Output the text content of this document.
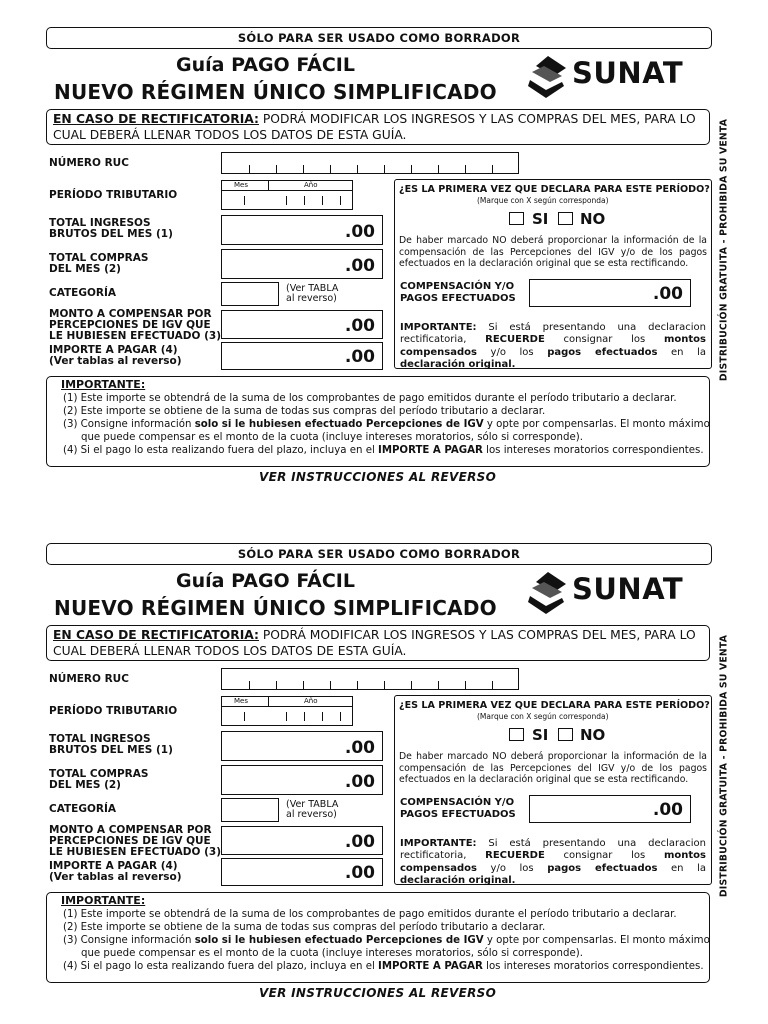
SÓLO PARA SER USADO COMO BORRADOR
Guía PAGO FÁCIL
NUEVO RÉGIMEN ÚNICO SIMPLIFICADO
SUNAT
EN CASO DE RECTIFICATORIA: PODRÁ MODIFICAR LOS INGRESOS Y LAS COMPRAS DEL MES, PARA LO CUAL DEBERÁ LLENAR TODOS LOS DATOS DE ESTA GUÍA.
NÚMERO RUC
PERÍODO TRIBUTARIO
Mes	Año
TOTAL INGRESOS
BRUTOS DEL MES (1)	.00
TOTAL COMPRAS
DEL MES (2)	.00
CATEGORÍA	(Ver TABLA
al reverso)
MONTO A COMPENSAR POR
PERCEPCIONES DE IGV QUE
LE HUBIESEN EFECTUADO (3)	.00
IMPORTE A PAGAR (4)
(Ver tablas al reverso)	.00
¿ES LA PRIMERA VEZ QUE DECLARA PARA ESTE PERÍODO?
(Marque con X según corresponda)
SI NO
De haber marcado NO deberá proporcionar la información de la compensación de las Percepciones del IGV y/o de los pagos efectuados en la declaración original que se esta rectificando.
COMPENSACIÓN Y/O
PAGOS EFECTUADOS	.00
IMPORTANTE: Si está presentando una declaracion rectificatoria, RECUERDE consignar los montos compensados y/o los pagos efectuados en la declaración original.
IMPORTANTE:
(1) Este importe se obtendrá de la suma de los comprobantes de pago emitidos durante el período tributario a declarar.
(2) Este importe se obtiene de la suma de todas sus compras del período tributario a declarar.
(3) Consigne información solo si le hubiesen efectuado Percepciones de IGV y opte por compensarlas. El monto máximo
que puede compensar es el monto de la cuota (incluye intereses moratorios, sólo si corresponde).
(4) Si el pago lo esta realizando fuera del plazo, incluya en el IMPORTE A PAGAR los intereses moratorios correspondientes.
VER INSTRUCCIONES AL REVERSO
DISTRIBUCIÓN GRATUITA - PROHIBIDA SU VENTA
SÓLO PARA SER USADO COMO BORRADOR
Guía PAGO FÁCIL
NUEVO RÉGIMEN ÚNICO SIMPLIFICADO
SUNAT
EN CASO DE RECTIFICATORIA: PODRÁ MODIFICAR LOS INGRESOS Y LAS COMPRAS DEL MES, PARA LO CUAL DEBERÁ LLENAR TODOS LOS DATOS DE ESTA GUÍA.
NÚMERO RUC
PERÍODO TRIBUTARIO
Mes	Año
TOTAL INGRESOS
BRUTOS DEL MES (1)	.00
TOTAL COMPRAS
DEL MES (2)	.00
CATEGORÍA	(Ver TABLA
al reverso)
MONTO A COMPENSAR POR
PERCEPCIONES DE IGV QUE
LE HUBIESEN EFECTUADO (3)	.00
IMPORTE A PAGAR (4)
(Ver tablas al reverso)	.00
¿ES LA PRIMERA VEZ QUE DECLARA PARA ESTE PERÍODO?
(Marque con X según corresponda)
SI NO
De haber marcado NO deberá proporcionar la información de la compensación de las Percepciones del IGV y/o de los pagos efectuados en la declaración original que se esta rectificando.
COMPENSACIÓN Y/O
PAGOS EFECTUADOS	.00
IMPORTANTE: Si está presentando una declaracion rectificatoria, RECUERDE consignar los montos compensados y/o los pagos efectuados en la declaración original.
IMPORTANTE:
(1) Este importe se obtendrá de la suma de los comprobantes de pago emitidos durante el período tributario a declarar.
(2) Este importe se obtiene de la suma de todas sus compras del período tributario a declarar.
(3) Consigne información solo si le hubiesen efectuado Percepciones de IGV y opte por compensarlas. El monto máximo
que puede compensar es el monto de la cuota (incluye intereses moratorios, sólo si corresponde).
(4) Si el pago lo esta realizando fuera del plazo, incluya en el IMPORTE A PAGAR los intereses moratorios correspondientes.
VER INSTRUCCIONES AL REVERSO
DISTRIBUCIÓN GRATUITA - PROHIBIDA SU VENTA
